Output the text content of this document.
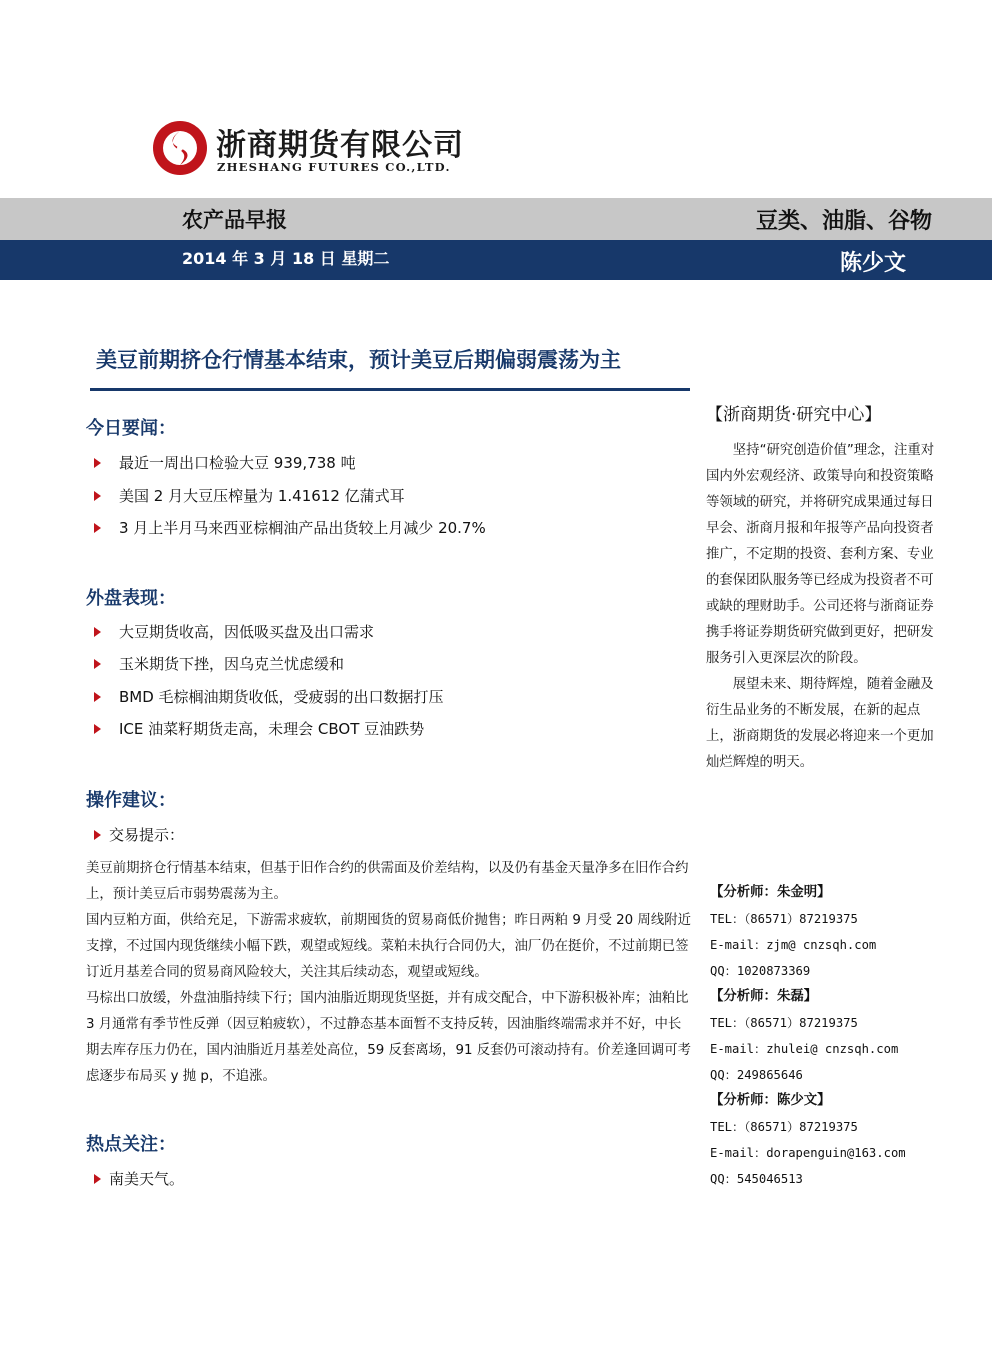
浙商期货有限公司
ZHESHANG FUTURES CO.,LTD.
农产品早报	豆类、油脂、谷物
2014 年 3 月 18 日 星期二	陈少文
美豆前期挤仓行情基本结束，预计美豆后期偏弱震荡为主
今日要闻：
最近一周出口检验大豆 939,738 吨
美国 2 月大豆压榨量为 1.41612 亿蒲式耳
3 月上半月马来西亚棕榈油产品出货较上月减少 20.7%
外盘表现：
大豆期货收高，因低吸买盘及出口需求
玉米期货下挫，因乌克兰忧虑缓和
BMD 毛棕榈油期货收低，受疲弱的出口数据打压
ICE 油菜籽期货走高，未理会 CBOT 豆油跌势
操作建议：
交易提示：

美豆前期挤仓行情基本结束，但基于旧作合约的供需面及价差结构，以及仍有基金天量净多在旧作合约上，预计美豆后市弱势震荡为主。

国内豆粕方面，供给充足，下游需求疲软，前期囤货的贸易商低价抛售；昨日两粕 9 月受 20 周线附近支撑，不过国内现货继续小幅下跌，观望或短线。菜粕未执行合同仍大，油厂仍在挺价，不过前期已签订近月基差合同的贸易商风险较大，关注其后续动态，观望或短线。

马棕出口放缓，外盘油脂持续下行；国内油脂近期现货坚挺，并有成交配合，中下游积极补库；油粕比 3 月通常有季节性反弹（因豆粕疲软），不过静态基本面暂不支持反转，因油脂终端需求并不好，中长期去库存压力仍在，国内油脂近月基差处高位，59 反套离场，91 反套仍可滚动持有。价差逢回调可考虑逐步布局买 y 抛 p，不追涨。

热点关注：
南美天气。
【浙商期货·研究中心】

坚持“研究创造价值”理念，注重对国内外宏观经济、政策导向和投资策略等领域的研究，并将研究成果通过每日早会、浙商月报和年报等产品向投资者推广，不定期的投资、套利方案、专业的套保团队服务等已经成为投资者不可或缺的理财助手。公司还将与浙商证券携手将证券期货研究做到更好，把研发服务引入更深层次的阶段。

展望未来、期待辉煌，随着金融及衍生品业务的不断发展，在新的起点上，浙商期货的发展必将迎来一个更加灿烂辉煌的明天。

【分析师：朱金明】
TEL：（86571）87219375
E-mail：zjm@ cnzsqh.com
QQ：1020873369
【分析师：朱磊】
TEL：（86571）87219375
E-mail：zhulei@ cnzsqh.com
QQ：249865646
【分析师：陈少文】
TEL：（86571）87219375
E-mail：dorapenguin@163.com
QQ：545046513
